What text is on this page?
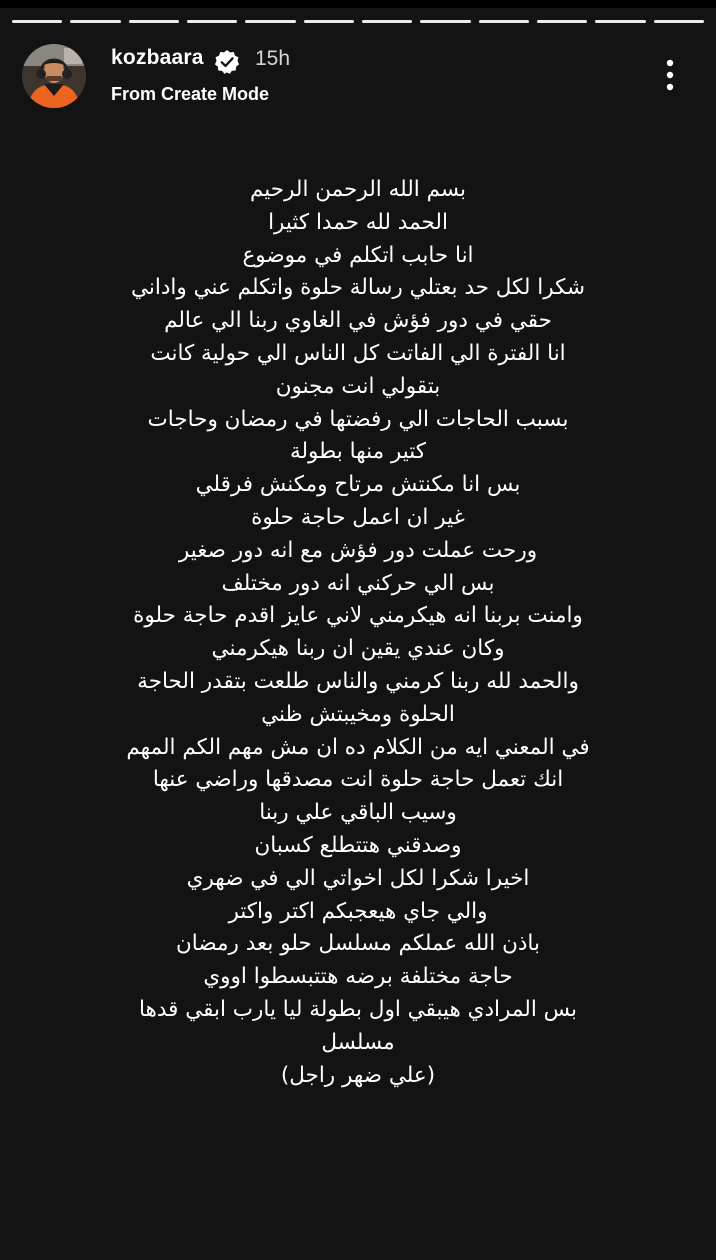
kozbaara 15h
From Create Mode
بسم الله الرحمن الرحيم
الحمد لله حمدا كثيرا
انا حابب اتكلم في موضوع
شكرا لكل حد بعتلي رسالة حلوة واتكلم عني واداني
حقي في دور فؤش في الغاوي ربنا الي عالم
انا الفترة الي الفاتت كل الناس الي حولية كانت
بتقولي انت مجنون
بسبب الحاجات الي رفضتها في رمضان وحاجات
كتير منها بطولة
بس انا مكنتش مرتاح ومكنش فرقلي
غير ان اعمل حاجة حلوة
ورحت عملت دور فؤش مع انه دور صغير
بس الي حركني انه دور مختلف
وامنت بربنا انه هيكرمني لاني عايز اقدم حاجة حلوة
وكان عندي يقين ان ربنا هيكرمني
والحمد لله ربنا كرمني والناس طلعت بتقدر الحاجة
الحلوة ومخيبتش ظني
في المعني ايه من الكلام ده ان مش مهم الكم المهم
انك تعمل حاجة حلوة انت مصدقها وراضي عنها
وسيب الباقي علي ربنا
وصدقني هتتطلع كسبان
اخيرا شكرا لكل اخواتي الي في ضهري
والي جاي هيعجبكم اكتر واكتر
باذن الله عملكم مسلسل حلو بعد رمضان
حاجة مختلفة برضه هتتبسطوا اووي
بس المرادي هيبقي اول بطولة ليا يارب ابقي قدها
مسلسل
(علي ضهر راجل)
